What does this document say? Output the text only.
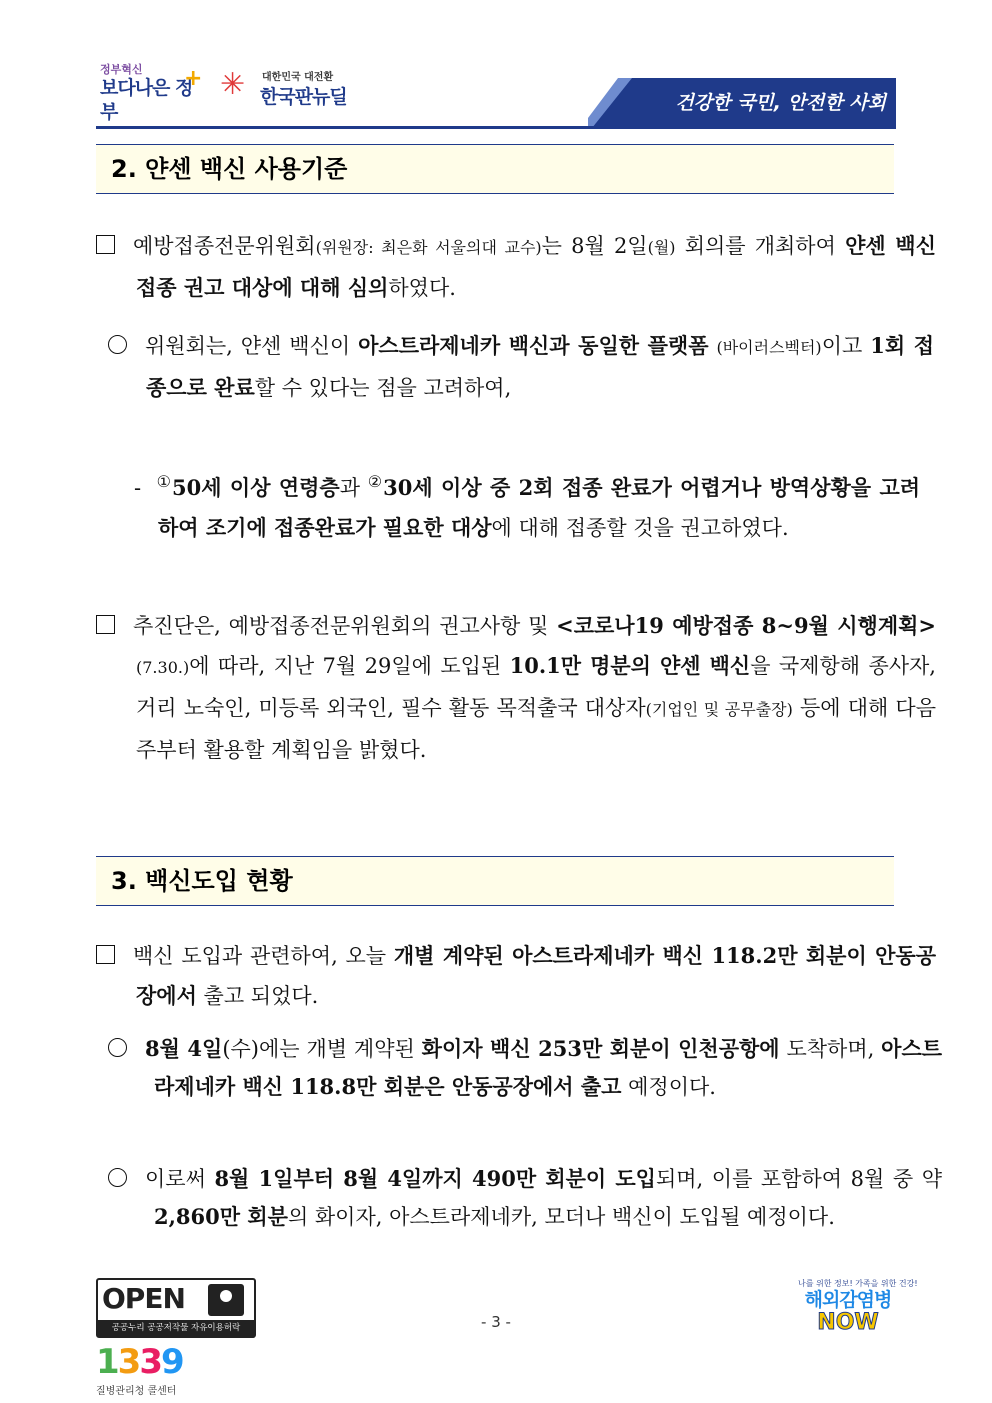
정부혁신
보다나은 정부
+ ✳ 대한민국 대전환
한국판뉴딜	건강한 국민, 안전한 사회
2. 얀센 백신 사용기준
예방접종전문위원회(위원장: 최은화 서울의대 교수)는 8월 2일(월) 회의를 개최하여 얀센 백신 접종 권고 대상에 대해 심의하였다.
위원회는, 얀센 백신이 아스트라제네카 백신과 동일한 플랫폼 (바이러스벡터)이고 1회 접종으로 완료할 수 있다는 점을 고려하여,
- ①50세 이상 연령층과 ②30세 이상 중 2회 접종 완료가 어렵거나 방역상황을 고려하여 조기에 접종완료가 필요한 대상에 대해 접종할 것을 권고하였다.
추진단은, 예방접종전문위원회의 권고사항 및 <코로나19 예방접종 8~9월 시행계획>(7.30.)에 따라, 지난 7월 29일에 도입된 10.1만 명분의 얀센 백신을 국제항해 종사자, 거리 노숙인, 미등록 외국인, 필수 활동 목적출국 대상자(기업인 및 공무출장) 등에 대해 다음 주부터 활용할 계획임을 밝혔다.
3. 백신도입 현황
백신 도입과 관련하여, 오늘 개별 계약된 아스트라제네카 백신 118.2만 회분이 안동공장에서 출고 되었다.
8월 4일(수)에는 개별 계약된 화이자 백신 253만 회분이 인천공항에 도착하며, 아스트라제네카 백신 118.8만 회분은 안동공장에서 출고 예정이다.
이로써 8월 1일부터 8월 4일까지 490만 회분이 도입되며, 이를 포함하여 8월 중 약 2,860만 회분의 화이자, 아스트라제네카, 모더나 백신이 도입될 예정이다.
OPEN
공공누리 공공저작물 자유이용허락	- 3 -
나를 위한 정보! 가족을 위한 건강!
해외감염병
NOW
1339
질병관리청 콜센터
